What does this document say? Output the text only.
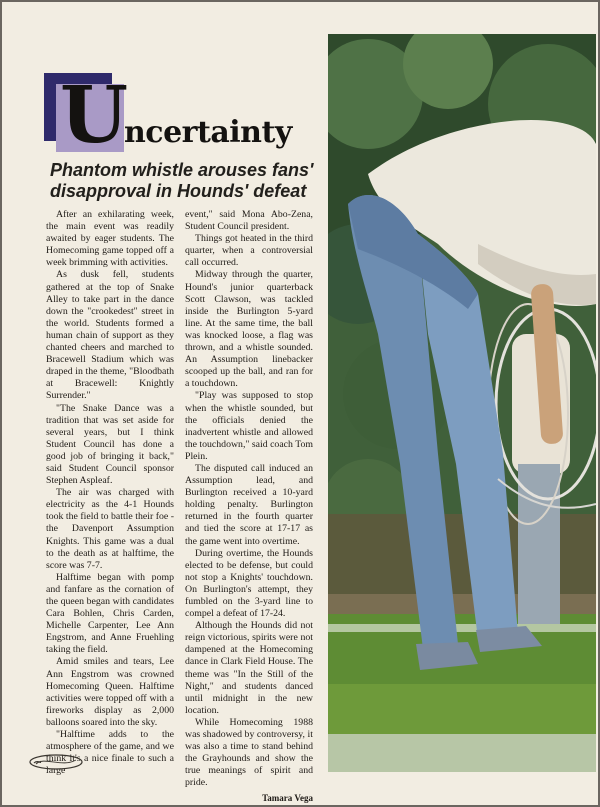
U
ncertainty
Phantom whistle arouses fans' disapproval in Hounds' defeat

After an exhilarating week, the main event was readily awaited by eager students. The Homecoming game topped off a week brimming with activities.

As dusk fell, students gathered at the top of Snake Alley to take part in the dance down the "crookedest" street in the world. Students formed a human chain of support as they chanted cheers and marched to Bracewell Stadium which was draped in the theme, "Bloodbath at Bracewell: Knightly Surrender."

"The Snake Dance was a tradition that was set aside for several years, but I think Student Council has done a good job of bringing it back," said Student Council sponsor Stephen Aspleaf.

The air was charged with electricity as the 4-1 Hounds took the field to battle their foe - the Davenport Assumption Knights. This game was a dual to the death as at halftime, the score was 7-7.

Halftime began with pomp and fanfare as the cornation of the queen began with candidates Cara Bohlen, Chris Carden, Michelle Carpenter, Lee Ann Engstrom, and Anne Fruehling taking the field.

Amid smiles and tears, Lee Ann Engstrom was crowned Homecoming Queen. Halftime activities were topped off with a fireworks display as 2,000 balloons soared into the sky.

"Halftime adds to the atmosphere of the game, and we think it's a nice finale to such a large

event," said Mona Abo-Zena, Student Council president.

Things got heated in the third quarter, when a controversial call occurred.

Midway through the quarter, Hound's junior quarterback Scott Clawson, was tackled inside the Burlington 5-yard line. At the same time, the ball was knocked loose, a flag was thrown, and a whistle sounded. An Assumption linebacker scooped up the ball, and ran for a touchdown.

"Play was supposed to stop when the whistle sounded, but the officials denied the inadvertent whistle and allowed the touchdown," said coach Tom Plein.

The disputed call induced an Assumption lead, and Burlington received a 10-yard holding penalty. Burlington returned in the fourth quarter and tied the score at 17-17 as the game went into overtime.

During overtime, the Hounds elected to be defense, but could not stop a Knights' touchdown. On Burlington's attempt, they fumbled on the 3-yard line to compel a defeat of 17-24.

Although the Hounds did not reign victorious, spirits were not dampened at the Homecoming dance in Clark Field House. The theme was "In the Still of the Night," and students danced until midnight in the new location.

While Homecoming 1988 was shadowed by controversy, it was also a time to stand behind the Grayhounds and show the true meanings of spirit and pride.

Tamara Vega
